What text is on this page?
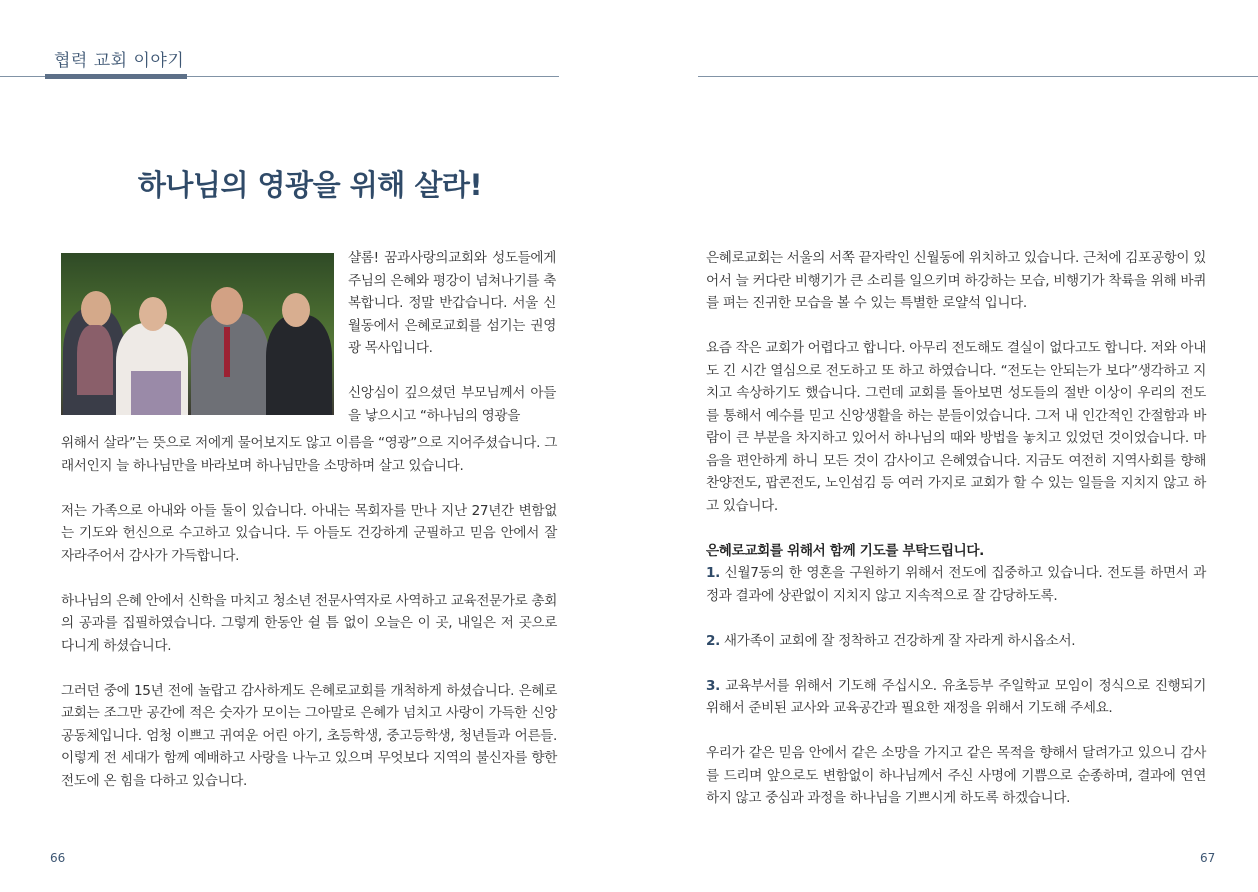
협력 교회 이야기
하나님의 영광을 위해 살라!

샬롬! 꿈과사랑의교회와 성도들에게 주님의 은혜와 평강이 넘쳐나기를 축복합니다. 정말 반갑습니다. 서울 신월동에서 은혜로교회를 섬기는 권영광 목사입니다.

신앙심이 깊으셨던 부모님께서 아들을 낳으시고 “하나님의 영광을

위해서 살라”는 뜻으로 저에게 물어보지도 않고 이름을 “영광”으로 지어주셨습니다. 그래서인지 늘 하나님만을 바라보며 하나님만을 소망하며 살고 있습니다.

저는 가족으로 아내와 아들 둘이 있습니다. 아내는 목회자를 만나 지난 27년간 변함없는 기도와 헌신으로 수고하고 있습니다. 두 아들도 건강하게 군필하고 믿음 안에서 잘 자라주어서 감사가 가득합니다.

하나님의 은혜 안에서 신학을 마치고 청소년 전문사역자로 사역하고 교육전문가로 총회의 공과를 집필하였습니다. 그렇게 한동안 쉴 틈 없이 오늘은 이 곳, 내일은 저 곳으로 다니게 하셨습니다.

그러던 중에 15년 전에 놀랍고 감사하게도 은혜로교회를 개척하게 하셨습니다. 은혜로교회는 조그만 공간에 적은 숫자가 모이는 그아말로 은혜가 넘치고 사랑이 가득한 신앙공동체입니다. 엄청 이쁘고 귀여운 어린 아기, 초등학생, 중고등학생, 청년들과 어른들. 이렇게 전 세대가 함께 예배하고 사랑을 나누고 있으며 무엇보다 지역의 불신자를 향한 전도에 온 힘을 다하고 있습니다.

은혜로교회는 서울의 서쪽 끝자락인 신월동에 위치하고 있습니다. 근처에 김포공항이 있어서 늘 커다란 비행기가 큰 소리를 일으키며 하강하는 모습, 비행기가 착륙을 위해 바퀴를 펴는 진귀한 모습을 볼 수 있는 특별한 로얄석 입니다.

요즘 작은 교회가 어렵다고 합니다. 아무리 전도해도 결실이 없다고도 합니다. 저와 아내도 긴 시간 열심으로 전도하고 또 하고 하였습니다. “전도는 안되는가 보다”생각하고 지치고 속상하기도 했습니다. 그런데 교회를 돌아보면 성도들의 절반 이상이 우리의 전도를 통해서 예수를 믿고 신앙생활을 하는 분들이었습니다. 그저 내 인간적인 간절함과 바람이 큰 부분을 차지하고 있어서 하나님의 때와 방법을 놓치고 있었던 것이었습니다. 마음을 편안하게 하니 모든 것이 감사이고 은혜였습니다. 지금도 여전히 지역사회를 향해 찬양전도, 팝콘전도, 노인섬김 등 여러 가지로 교회가 할 수 있는 일들을 지치지 않고 하고 있습니다.

은혜로교회를 위해서 함께 기도를 부탁드립니다.

1. 신월7동의 한 영혼을 구원하기 위해서 전도에 집중하고 있습니다. 전도를 하면서 과정과 결과에 상관없이 지치지 않고 지속적으로 잘 감당하도록.

2. 새가족이 교회에 잘 정착하고 건강하게 잘 자라게 하시옵소서.

3. 교육부서를 위해서 기도해 주십시오. 유초등부 주일학교 모임이 정식으로 진행되기 위해서 준비된 교사와 교육공간과 필요한 재정을 위해서 기도해 주세요.

우리가 같은 믿음 안에서 같은 소망을 가지고 같은 목적을 향해서 달려가고 있으니 감사를 드리며 앞으로도 변함없이 하나님께서 주신 사명에 기쁨으로 순종하며, 결과에 연연하지 않고 중심과 과정을 하나님을 기쁘시게 하도록 하겠습니다.

66	67
